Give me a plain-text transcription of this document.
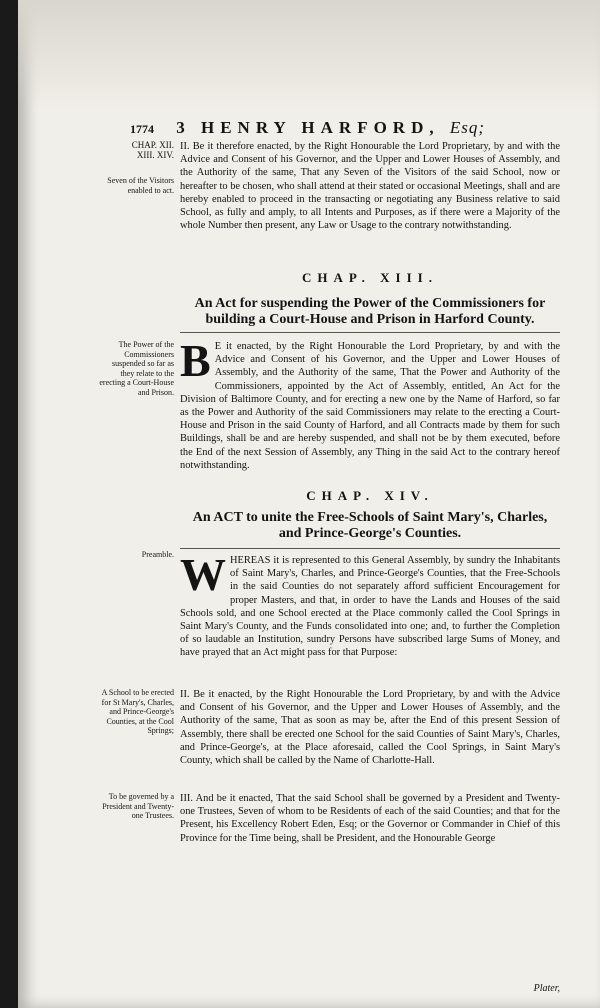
1774 3 HENRY HARFORD, Esq;
CHAP. XII. XIII. XIV.
Seven of the Visitors enabled to act.

II. Be it therefore enacted, by the Right Honourable the Lord Proprietary, by and with the Advice and Consent of his Governor, and the Upper and Lower Houses of Assembly, and the Authority of the same, That any Seven of the Visitors of the said School, now or hereafter to be chosen, who shall attend at their stated or occasional Meetings, shall and are hereby enabled to proceed in the transacting or negotiating any Business relative to said School, as fully and amply, to all Intents and Purposes, as if there were a Majority of the whole Number then present, any Law or Usage to the contrary notwithstanding.

CHAP. XIII.
An Act for suspending the Power of the Commissioners for building a Court-House and Prison in Harford County.
The Power of the Commissioners suspended so far as they relate to the erecting a Court-House and Prison.

B E it enacted, by the Right Honourable the Lord Proprietary, by and with the Advice and Consent of his Governor, and the Upper and Lower Houses of Assembly, and the Authority of the same, That the Power and Authority of the Commissioners, appointed by the Act of Assembly, entitled, An Act for the Division of Baltimore County, and for erecting a new one by the Name of Harford, so far as the Power and Authority of the said Commissioners may relate to the erecting a Court-House and Prison in the said County of Harford, and all Contracts made by them for such Buildings, shall be and are hereby suspended, and shall not be by them executed, before the End of the next Session of Assembly, any Thing in the said Act to the contrary hereof notwithstanding.

CHAP. XIV.
An ACT to unite the Free-Schools of Saint Mary's, Charles, and Prince-George's Counties.
Preamble. W HEREAS it is represented to this General Assembly, by sundry the Inhabitants of Saint Mary's, Charles, and Prince-George's Counties, that the Free-Schools in the said Counties do not separately afford sufficient Encouragement for proper Masters, and that, in order to have the Lands and Houses of the said Schools sold, and one School erected at the Place commonly called the Cool Springs in Saint Mary's County, and the Funds consolidated into one; and, to further the Completion of so laudable an Institution, sundry Persons have subscribed large Sums of Money, and have prayed that an Act might pass for that Purpose:

A School to be erected for St Mary's, Charles, and Prince-George's Counties, at the Cool Springs;

II. Be it enacted, by the Right Honourable the Lord Proprietary, by and with the Advice and Consent of his Governor, and the Upper and Lower Houses of Assembly, and the Authority of the same, That as soon as may be, after the End of this present Session of Assembly, there shall be erected one School for the said Counties of Saint Mary's, Charles, and Prince-George's, at the Place aforesaid, called the Cool Springs, in Saint Mary's County, which shall be called by the Name of Charlotte-Hall.

To be governed by a President and Twenty-one Trustees.

III. And be it enacted, That the said School shall be governed by a President and Twenty-one Trustees, Seven of whom to be Residents of each of the said Counties; and that for the Present, his Excellency Robert Eden, Esq; or the Governor or Commander in Chief of this Province for the Time being, shall be President, and the Honourable George

Plater,
